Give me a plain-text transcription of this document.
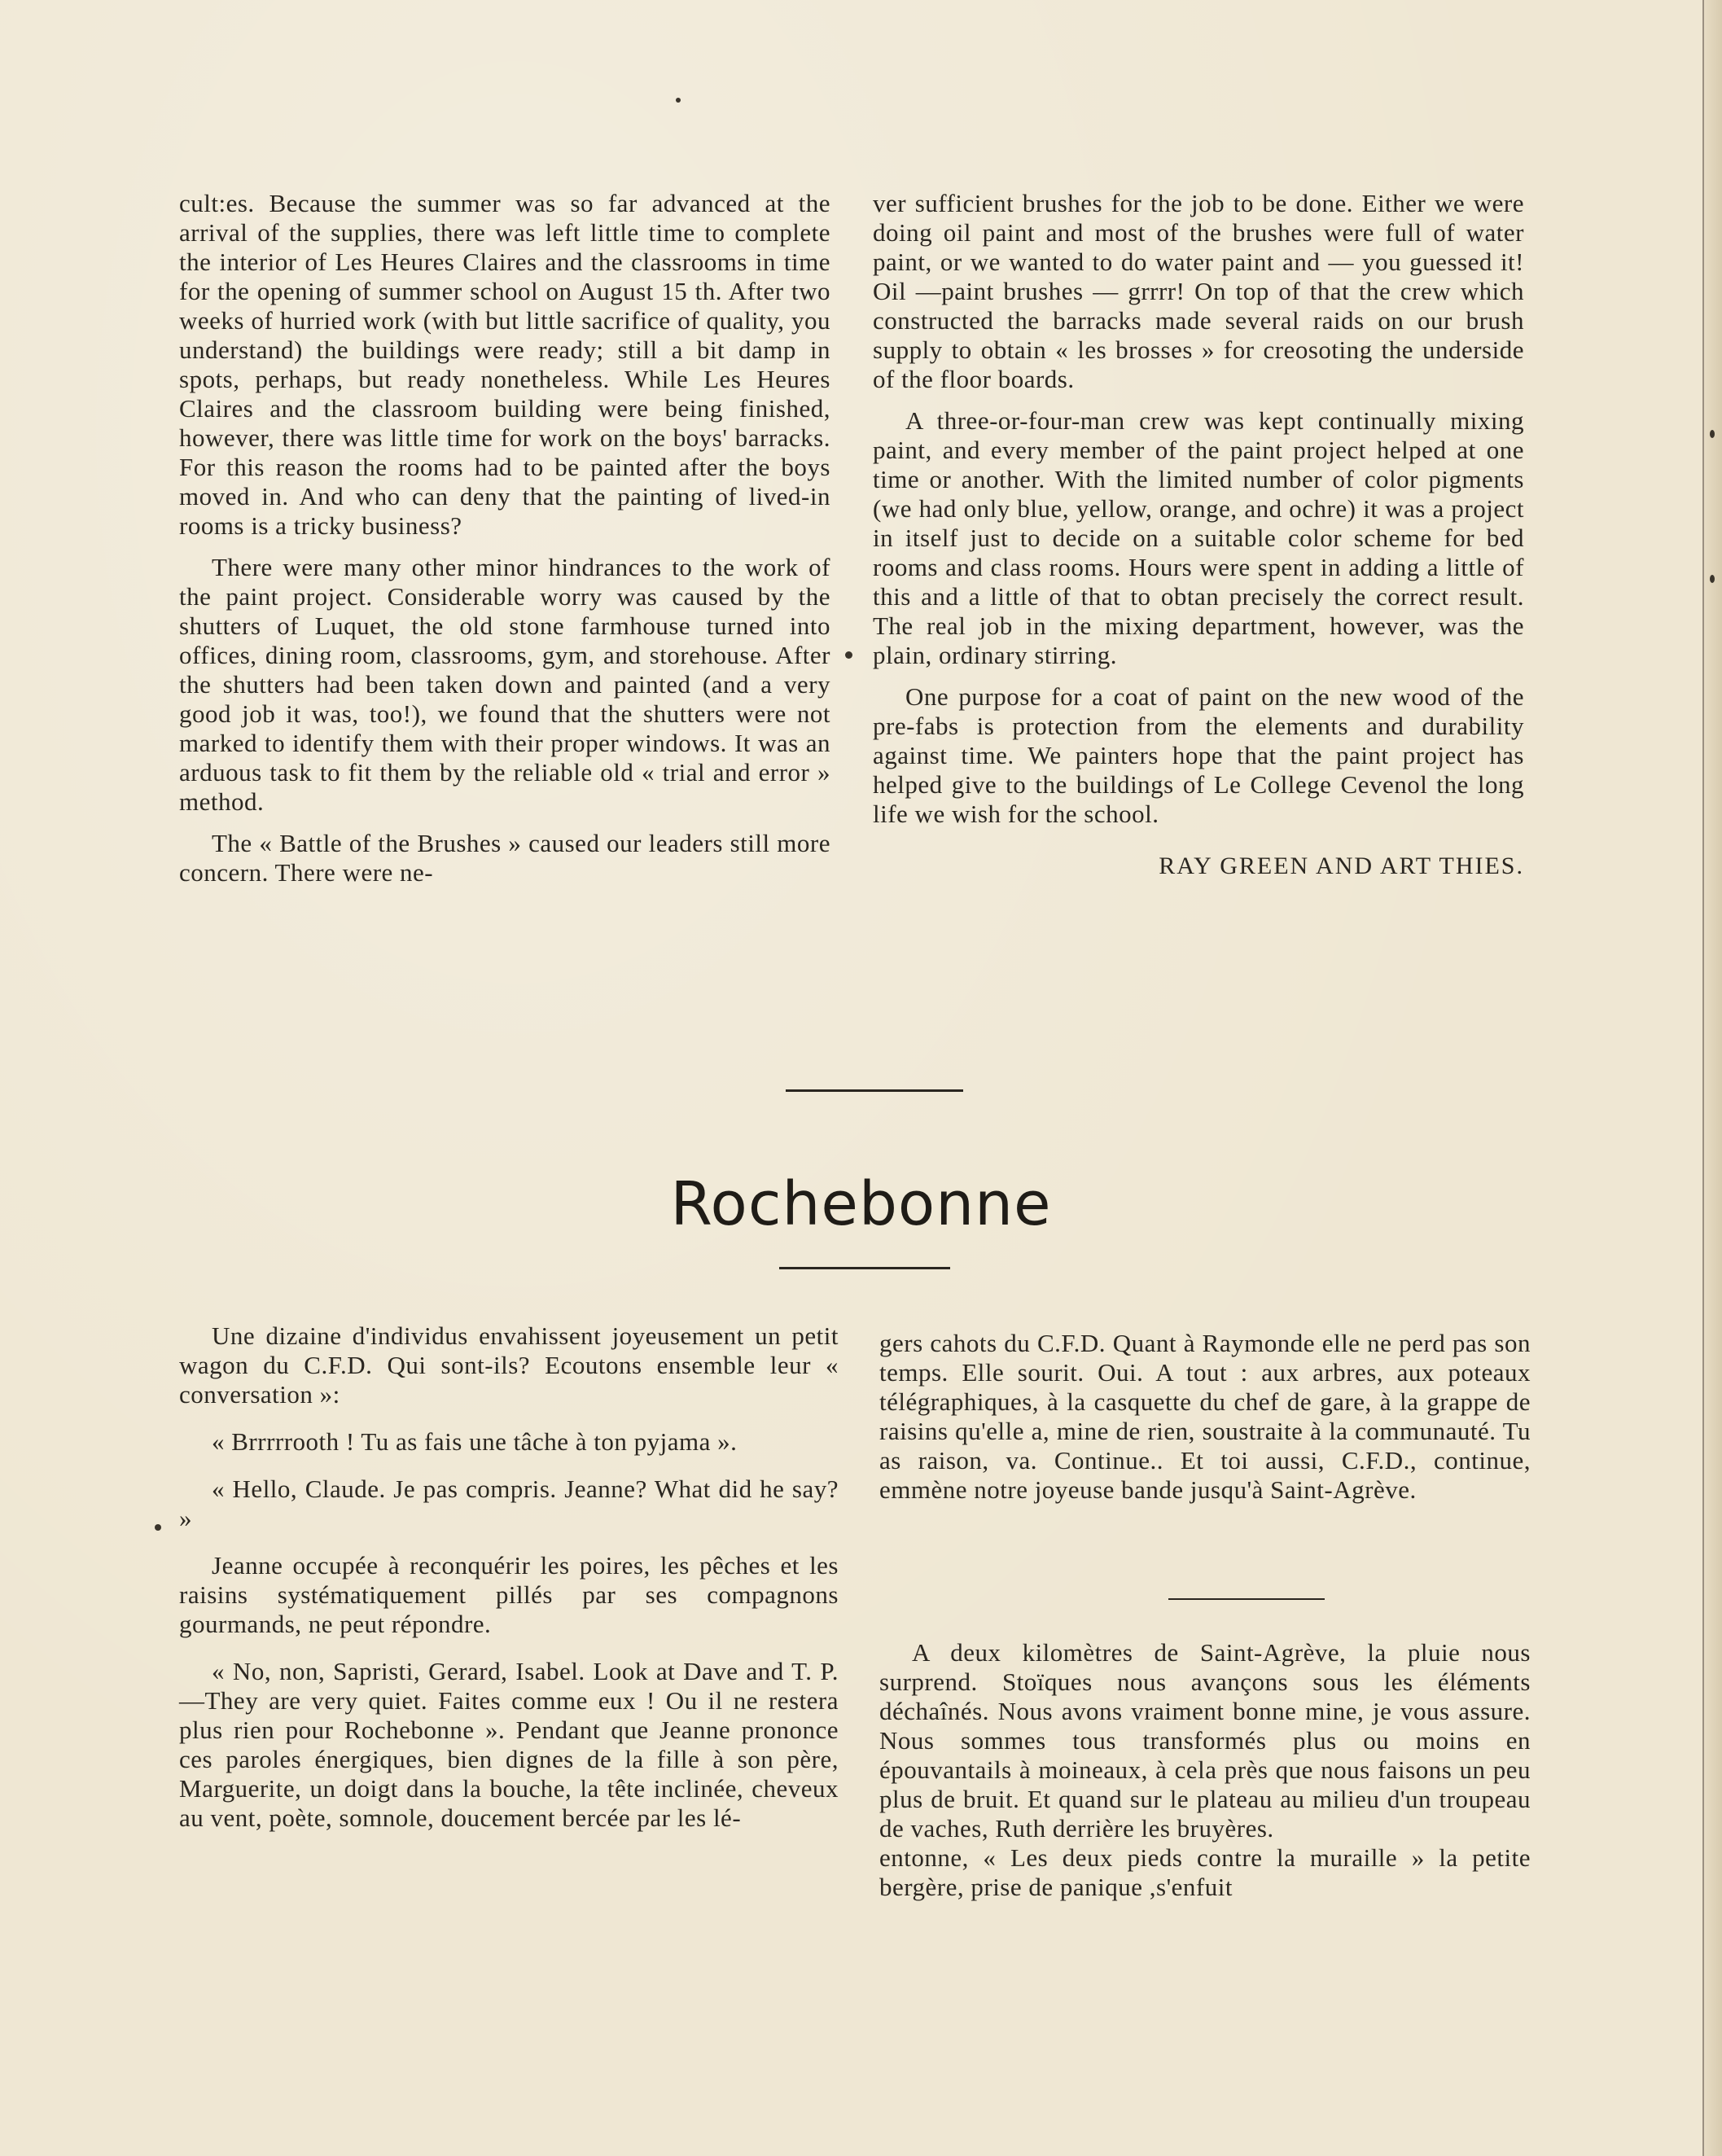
cult:es. Because the summer was so far advanced at the arrival of the supplies, there was left little time to complete the interior of Les Heures Claires and the classrooms in time for the opening of summer school on August 15 th. After two weeks of hurried work (with but little sacrifice of quality, you understand) the buildings were ready; still a bit damp in spots, perhaps, but ready nonetheless. While Les Heures Claires and the classroom building were being finished, however, there was little time for work on the boys' barracks. For this reason the rooms had to be painted after the boys moved in. And who can deny that the painting of lived-in rooms is a tricky business?

There were many other minor hindrances to the work of the paint project. Considerable worry was caused by the shutters of Luquet, the old stone farmhouse turned into offices, dining room, classrooms, gym, and storehouse. After the shutters had been taken down and painted (and a very good job it was, too!), we found that the shutters were not marked to identify them with their proper windows. It was an arduous task to fit them by the reliable old « trial and error » method.

The « Battle of the Brushes » caused our leaders still more concern. There were ne-

ver sufficient brushes for the job to be done. Either we were doing oil paint and most of the brushes were full of water paint, or we wanted to do water paint and — you guessed it! Oil —paint brushes — grrrr! On top of that the crew which constructed the barracks made several raids on our brush supply to obtain « les brosses » for creosoting the underside of the floor boards.

A three-or-four-man crew was kept continually mixing paint, and every member of the paint project helped at one time or another. With the limited number of color pigments (we had only blue, yellow, orange, and ochre) it was a project in itself just to decide on a suitable color scheme for bed rooms and class rooms. Hours were spent in adding a little of this and a little of that to obtan precisely the correct result. The real job in the mixing department, however, was the plain, ordinary stirring.

One purpose for a coat of paint on the new wood of the pre-fabs is protection from the elements and durability against time. We painters hope that the paint project has helped give to the buildings of Le College Cevenol the long life we wish for the school.

RAY GREEN AND ART THIES.

Rochebonne

Une dizaine d'individus envahissent joyeusement un petit wagon du C.F.D. Qui sont-ils? Ecoutons ensemble leur « conversation »:

« Brrrrrooth ! Tu as fais une tâche à ton pyjama ».

« Hello, Claude. Je pas compris. Jeanne? What did he say? »

Jeanne occupée à reconquérir les poires, les pêches et les raisins systématiquement pillés par ses compagnons gourmands, ne peut répondre.

« No, non, Sapristi, Gerard, Isabel. Look at Dave and T. P.—They are very quiet. Faites comme eux ! Ou il ne restera plus rien pour Rochebonne ». Pendant que Jeanne prononce ces paroles énergiques, bien dignes de la fille à son père, Marguerite, un doigt dans la bouche, la tête inclinée, cheveux au vent, poète, somnole, doucement bercée par les lé-

gers cahots du C.F.D. Quant à Raymonde elle ne perd pas son temps. Elle sourit. Oui. A tout : aux arbres, aux poteaux télégraphiques, à la casquette du chef de gare, à la grappe de raisins qu'elle a, mine de rien, soustraite à la communauté. Tu as raison, va. Continue.. Et toi aussi, C.F.D., continue, emmène notre joyeuse bande jusqu'à Saint-Agrève.

A deux kilomètres de Saint-Agrève, la pluie nous surprend. Stoïques nous avançons sous les éléments déchaînés. Nous avons vraiment bonne mine, je vous assure. Nous sommes tous transformés plus ou moins en épouvantails à moineaux, à cela près que nous faisons un peu plus de bruit. Et quand sur le plateau au milieu d'un troupeau de vaches, Ruth derrière les bruyères.

entonne, « Les deux pieds contre la muraille » la petite bergère, prise de panique ,s'enfuit
